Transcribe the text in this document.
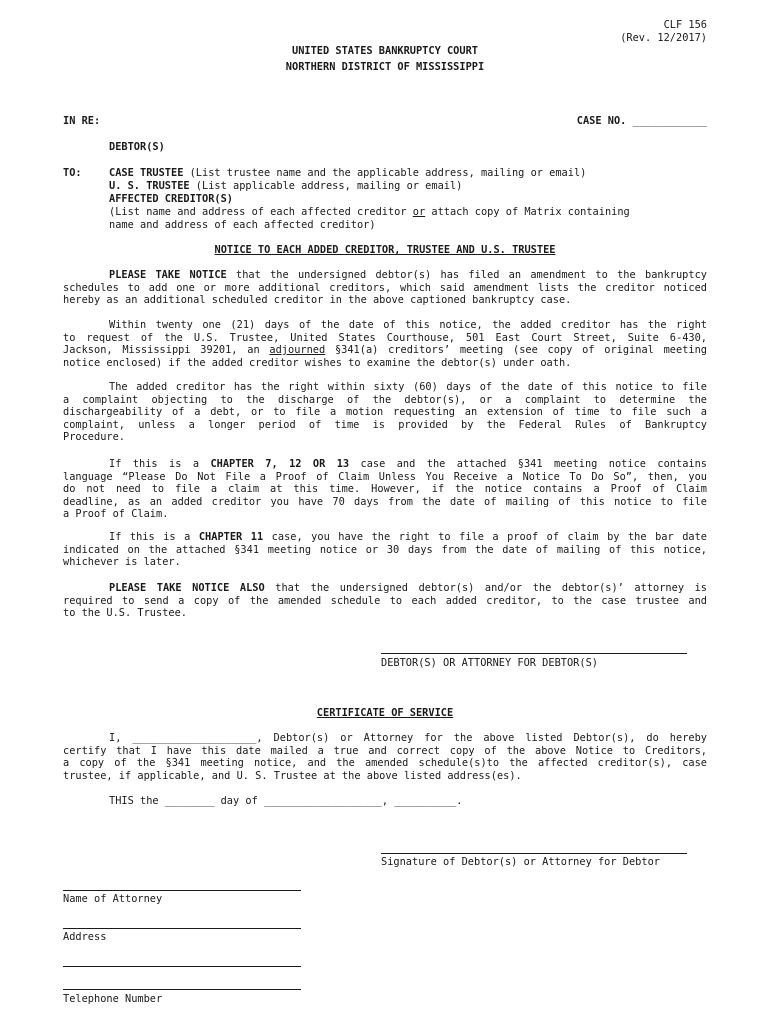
CLF 156
(Rev. 12/2017)
UNITED STATES BANKRUPTCY COURT
NORTHERN DISTRICT OF MISSISSIPPI
IN RE:	CASE NO. ____________
DEBTOR(S)
TO:	CASE TRUSTEE (List trustee name and the applicable address, mailing or email)
U. S. TRUSTEE (List applicable address, mailing or email)
AFFECTED CREDITOR(S)
(List name and address of each affected creditor or attach copy of Matrix containing
name and address of each affected creditor)
NOTICE TO EACH ADDED CREDITOR, TRUSTEE AND U.S. TRUSTEE
PLEASE TAKE NOTICE that the undersigned debtor(s) has filed an amendment to the bankruptcy
schedules to add one or more additional creditors, which said amendment lists the creditor noticed
hereby as an additional scheduled creditor in the above captioned bankruptcy case.
Within twenty one (21) days of the date of this notice, the added creditor has the right
to request of the U.S. Trustee, United States Courthouse, 501 East Court Street, Suite 6-430,
Jackson, Mississippi 39201, an adjourned §341(a) creditors’ meeting (see copy of original meeting
notice enclosed) if the added creditor wishes to examine the debtor(s) under oath.
The added creditor has the right within sixty (60) days of the date of this notice to file
a complaint objecting to the discharge of the debtor(s), or a complaint to determine the
dischargeability of a debt, or to file a motion requesting an extension of time to file such a
complaint, unless a longer period of time is provided by the Federal Rules of Bankruptcy
Procedure.
If this is a CHAPTER 7, 12 OR 13 case and the attached §341 meeting notice contains
language “Please Do Not File a Proof of Claim Unless You Receive a Notice To Do So”, then, you
do not need to file a claim at this time. However, if the notice contains a Proof of Claim
deadline, as an added creditor you have 70 days from the date of mailing of this notice to file
a Proof of Claim.
If this is a CHAPTER 11 case, you have the right to file a proof of claim by the bar date
indicated on the attached §341 meeting notice or 30 days from the date of mailing of this notice,
whichever is later.
PLEASE TAKE NOTICE ALSO that the undersigned debtor(s) and/or the debtor(s)’ attorney is
required to send a copy of the amended schedule to each added creditor, to the case trustee and
to the U.S. Trustee.
DEBTOR(S) OR ATTORNEY FOR DEBTOR(S)
CERTIFICATE OF SERVICE
I, ____________________, Debtor(s) or Attorney for the above listed Debtor(s), do hereby
certify that I have this date mailed a true and correct copy of the above Notice to Creditors,
a copy of the §341 meeting notice, and the amended schedule(s)to the affected creditor(s), case
trustee, if applicable, and U. S. Trustee at the above listed address(es).
THIS the ________ day of ___________________, __________.
Signature of Debtor(s) or Attorney for Debtor
Name of Attorney
Address
Telephone Number
